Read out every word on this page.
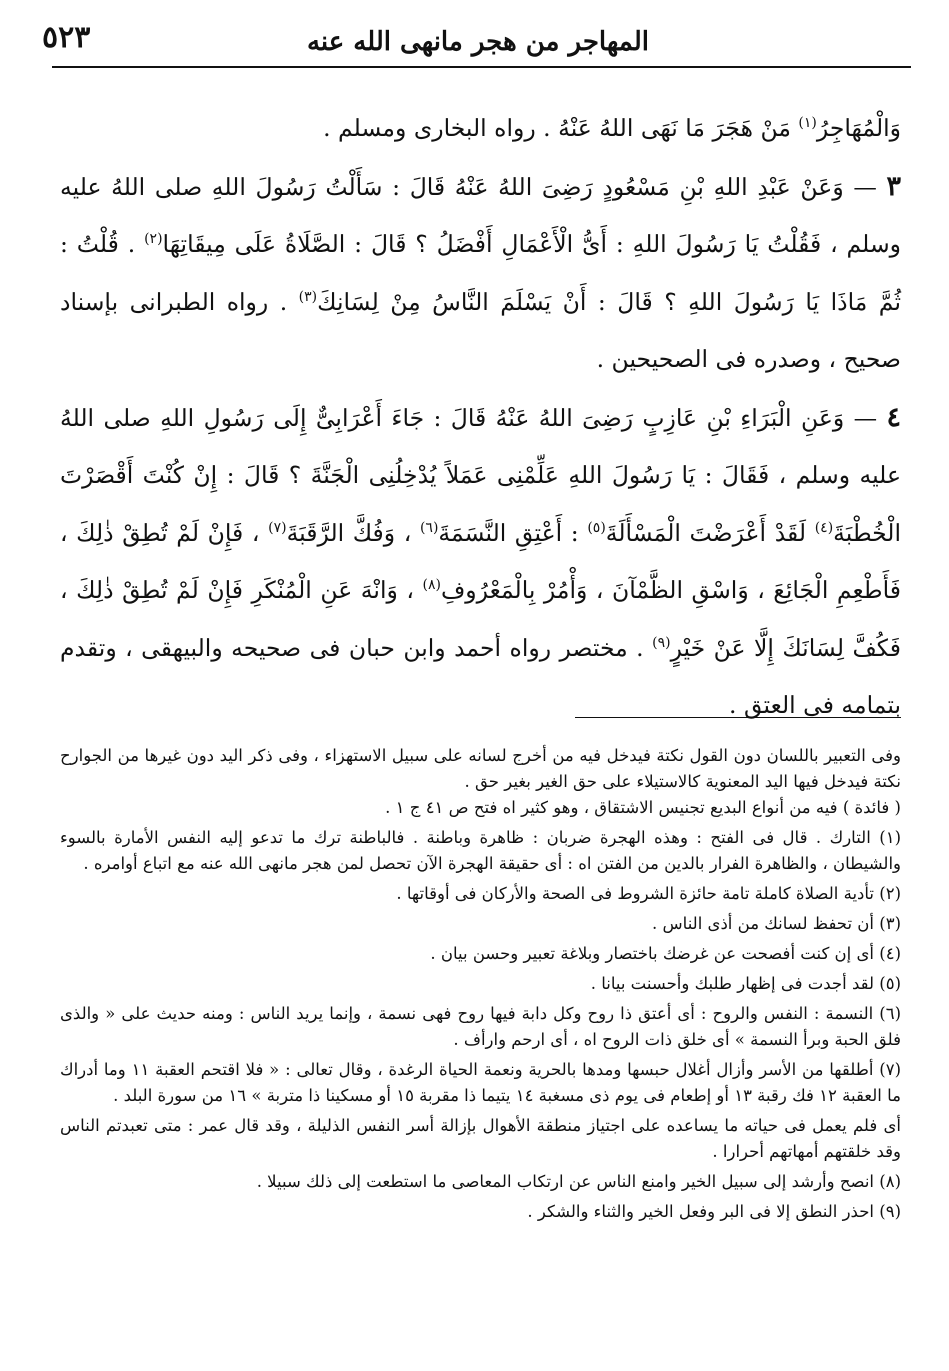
المهاجر من هجر مانهى الله عنه
٥٢٣

وَالْمُهَاجِرُ$^{(١)}$ مَنْ هَجَرَ مَا نَهَى اللهُ عَنْهُ . رواه البخارى ومسلم .

٣ — وَعَنْ عَبْدِ اللهِ بْنِ مَسْعُودٍ رَضِىَ اللهُ عَنْهُ قَالَ : سَأَلْتُ رَسُولَ اللهِ صلى اللهُ عليه وسلم ، فَقُلْتُ يَا رَسُولَ اللهِ : أَىُّ الْأَعْمَالِ أَفْضَلُ ؟ قَالَ : الصَّلَاةُ عَلَى مِيقَاتِهَا$^{(٢)}$ . قُلْتُ : ثُمَّ مَاذَا يَا رَسُولَ اللهِ ؟ قَالَ : أَنْ يَسْلَمَ النَّاسُ مِنْ لِسَانِكَ$^{(٣)}$ . رواه الطبرانى بإسناد صحيح ، وصدره فى الصحيحين .

٤ — وَعَنِ الْبَرَاءِ بْنِ عَازِبٍ رَضِىَ اللهُ عَنْهُ قَالَ : جَاءَ أَعْرَابِىٌّ إِلَى رَسُولِ اللهِ صلى اللهُ عليه وسلم ، فَقَالَ : يَا رَسُولَ اللهِ عَلِّمْنِى عَمَلاً يُدْخِلُنِى الْجَنَّةَ ؟ قَالَ : إِنْ كُنْتَ أَقْصَرْتَ الْخُطْبَةَ$^{(٤)}$ لَقَدْ أَعْرَضْتَ الْمَسْأَلَةَ$^{(٥)}$ : أَعْتِقِ النَّسَمَةَ$^{(٦)}$ ، وَفُكَّ الرَّقَبَةَ$^{(٧)}$ ، فَإِنْ لَمْ تُطِقْ ذٰلِكَ ، فَأَطْعِمِ الْجَائِعَ ، وَاسْقِ الظَّمْآنَ ، وَأْمُرْ بِالْمَعْرُوفِ$^{(٨)}$ ، وَانْهَ عَنِ الْمُنْكَرِ فَإِنْ لَمْ تُطِقْ ذٰلِكَ ، فَكُفَّ لِسَانَكَ إِلَّا عَنْ خَيْرٍ$^{(٩)}$ . مختصر رواه أحمد وابن حبان فى صحيحه والبيهقى ، وتقدم بتمامه فى العتق .

وفى التعبير باللسان دون القول نكتة فيدخل فيه من أخرج لسانه على سبيل الاستهزاء ، وفى ذكر اليد دون غيرها من الجوارح نكتة فيدخل فيها اليد المعنوية كالاستيلاء على حق الغير بغير حق .

( فائدة ) فيه من أنواع البديع تجنيس الاشتقاق ، وهو كثير اه فتح ص ٤١ ج ١ .

(١) التارك . قال فى الفتح : وهذه الهجرة ضربان : ظاهرة وباطنة . فالباطنة ترك ما تدعو إليه النفس الأمارة بالسوء والشيطان ، والظاهرة الفرار بالدين من الفتن اه : أى حقيقة الهجرة الآن تحصل لمن هجر مانهى الله عنه مع اتباع أوامره .

(٢) تأدية الصلاة كاملة تامة حائزة الشروط فى الصحة والأركان فى أوقاتها .

(٣) أن تحفظ لسانك من أذى الناس .

(٤) أى إن كنت أفصحت عن غرضك باختصار وبلاغة تعبير وحسن بيان .

(٥) لقد أجدت فى إظهار طلبك وأحسنت بيانا .

(٦) النسمة : النفس والروح : أى أعتق ذا روح وكل دابة فيها روح فهى نسمة ، وإنما يريد الناس : ومنه حديث على « والذى فلق الحبة وبرأ النسمة » أى خلق ذات الروح اه ، أى ارحم وارأف .

(٧) أطلقها من الأسر وأزال أغلال حبسها ومدها بالحرية ونعمة الحياة الرغدة ، وقال تعالى : « فلا اقتحم العقبة ١١ وما أدراك ما العقبة ١٢ فك رقبة ١٣ أو إطعام فى يوم ذى مسغبة ١٤ يتيما ذا مقربة ١٥ أو مسكينا ذا متربة » ١٦ من سورة البلد .

أى فلم يعمل فى حياته ما يساعده على اجتياز منطقة الأهوال بإزالة أسر النفس الذليلة ، وقد قال عمر : متى تعبدتم الناس وقد خلقتهم أمهاتهم أحرارا .

(٨) انصح وأرشد إلى سبيل الخير وامنع الناس عن ارتكاب المعاصى ما استطعت إلى ذلك سبيلا .

(٩) احذر النطق إلا فى البر وفعل الخير والثناء والشكر .
